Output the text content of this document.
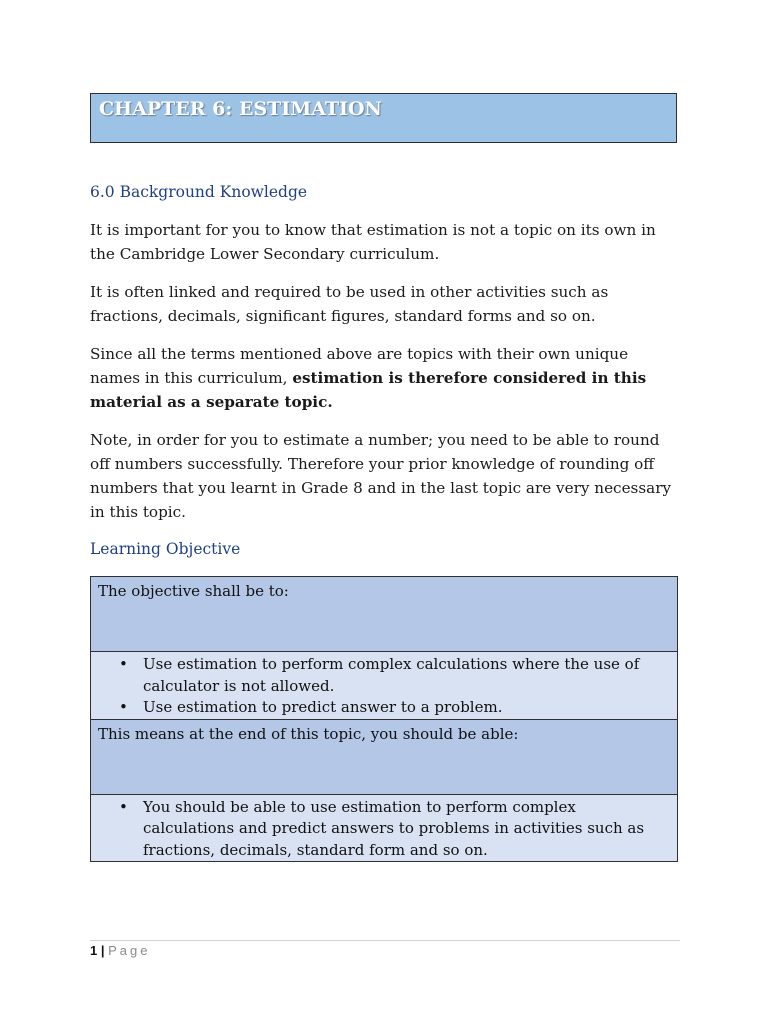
CHAPTER 6: ESTIMATION
6.0 Background Knowledge
It is important for you to know that estimation is not a topic on its own in the Cambridge Lower Secondary curriculum.
It is often linked and required to be used in other activities such as fractions, decimals, significant figures, standard forms and so on.
Since all the terms mentioned above are topics with their own unique names in this curriculum, estimation is therefore considered in this material as a separate topic.
Note, in order for you to estimate a number; you need to be able to round off numbers successfully. Therefore your prior knowledge of rounding off numbers that you learnt in Grade 8 and in the last topic are very necessary in this topic.
Learning Objective
The objective shall be to:

• Use estimation to perform complex calculations where the use of calculator is not allowed.
• Use estimation to predict answer to a problem.

This means at the end of this topic, you should be able:

• You should be able to use estimation to perform complex calculations and predict answers to problems in activities such as fractions, decimals, standard form and so on.
1 | Page
